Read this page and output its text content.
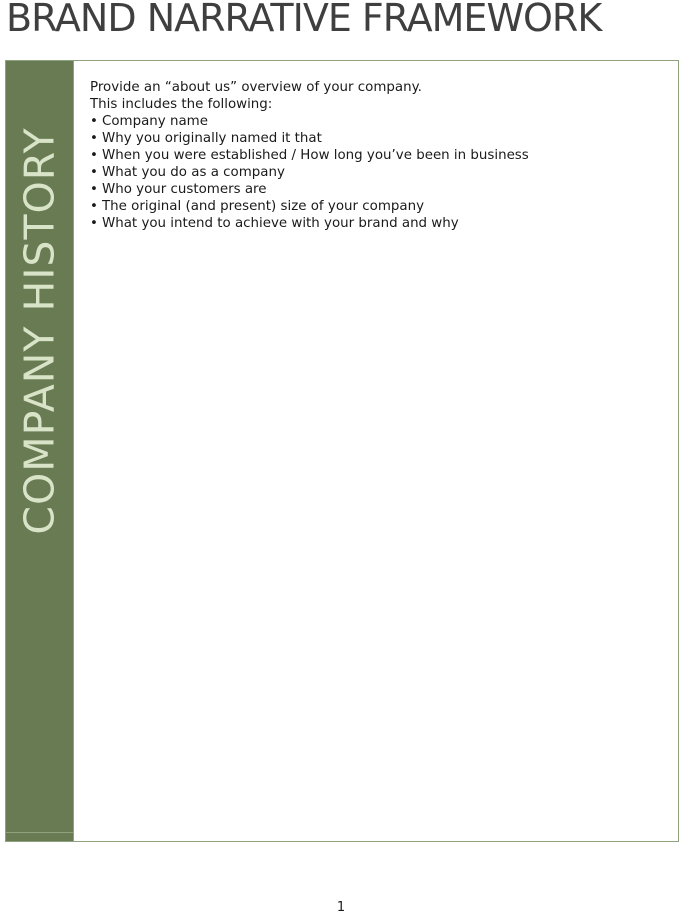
BRAND NARRATIVE FRAMEWORK
COMPANY HISTORY

Provide an “about us” overview of your company.

This includes the following:

• Company name
• Why you originally named it that
• When you were established / How long you’ve been in business
• What you do as a company
• Who your customers are
• The original (and present) size of your company
• What you intend to achieve with your brand and why
1
